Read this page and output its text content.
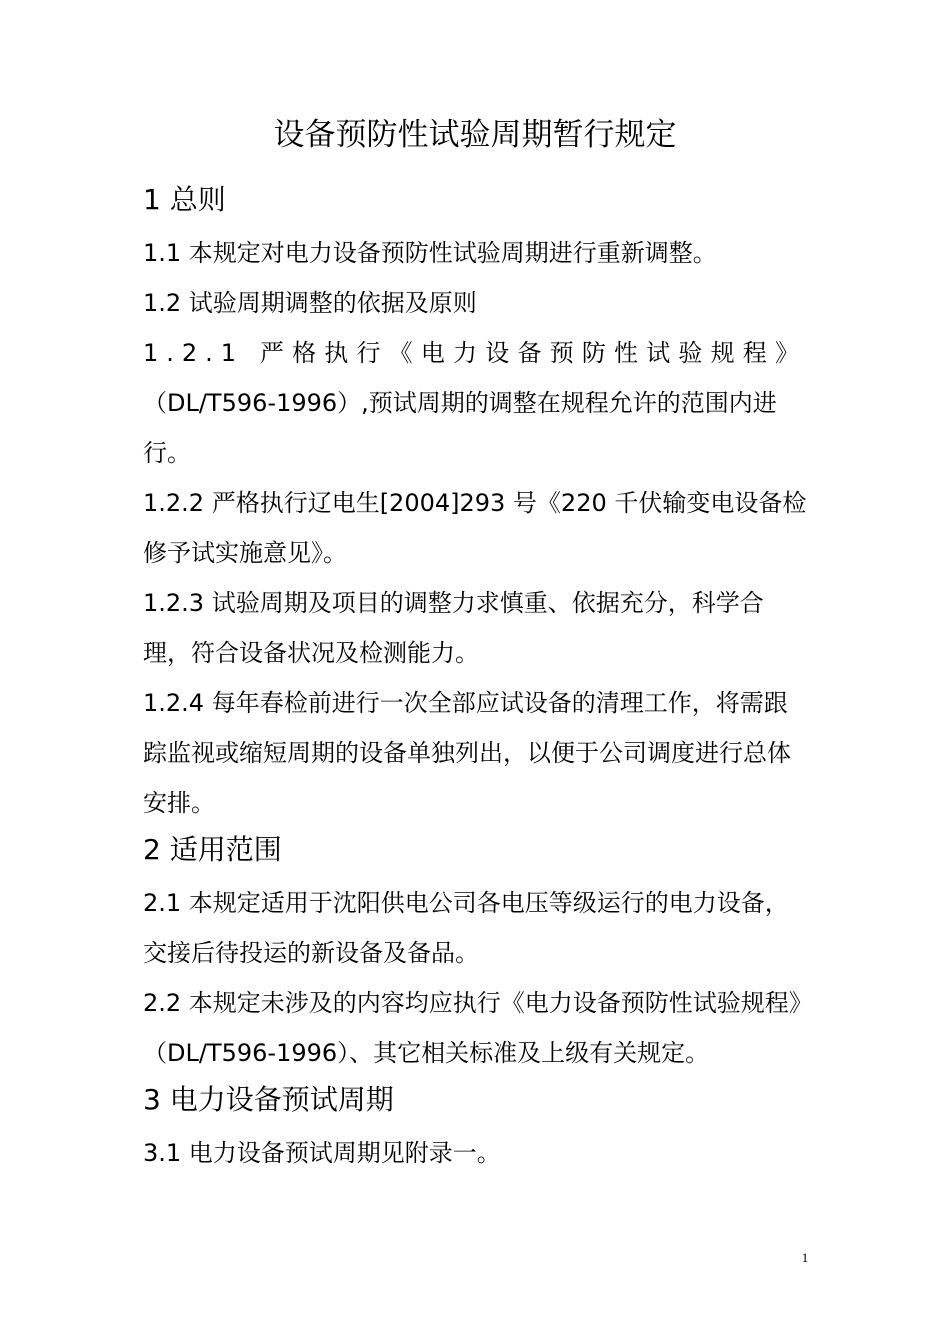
设备预防性试验周期暂行规定
1 总则

1.1 本规定对电力设备预防性试验周期进行重新调整。

1.2 试验周期调整的依据及原则

1.2.1 严格执行《电力设备预防性试验规程》

（DL/T596-1996）,预试周期的调整在规程允许的范围内进行。

1.2.2 严格执行辽电生[2004]293 号《220 千伏输变电设备检修予试实施意见》。

1.2.3 试验周期及项目的调整力求慎重、依据充分，科学合理，符合设备状况及检测能力。

1.2.4 每年春检前进行一次全部应试设备的清理工作，将需跟踪监视或缩短周期的设备单独列出，以便于公司调度进行总体安排。

2 适用范围

2.1 本规定适用于沈阳供电公司各电压等级运行的电力设备，交接后待投运的新设备及备品。

2.2 本规定未涉及的内容均应执行《电力设备预防性试验规程》（DL/T596-1996）、其它相关标准及上级有关规定。

3 电力设备预试周期

3.1 电力设备预试周期见附录一。

1
